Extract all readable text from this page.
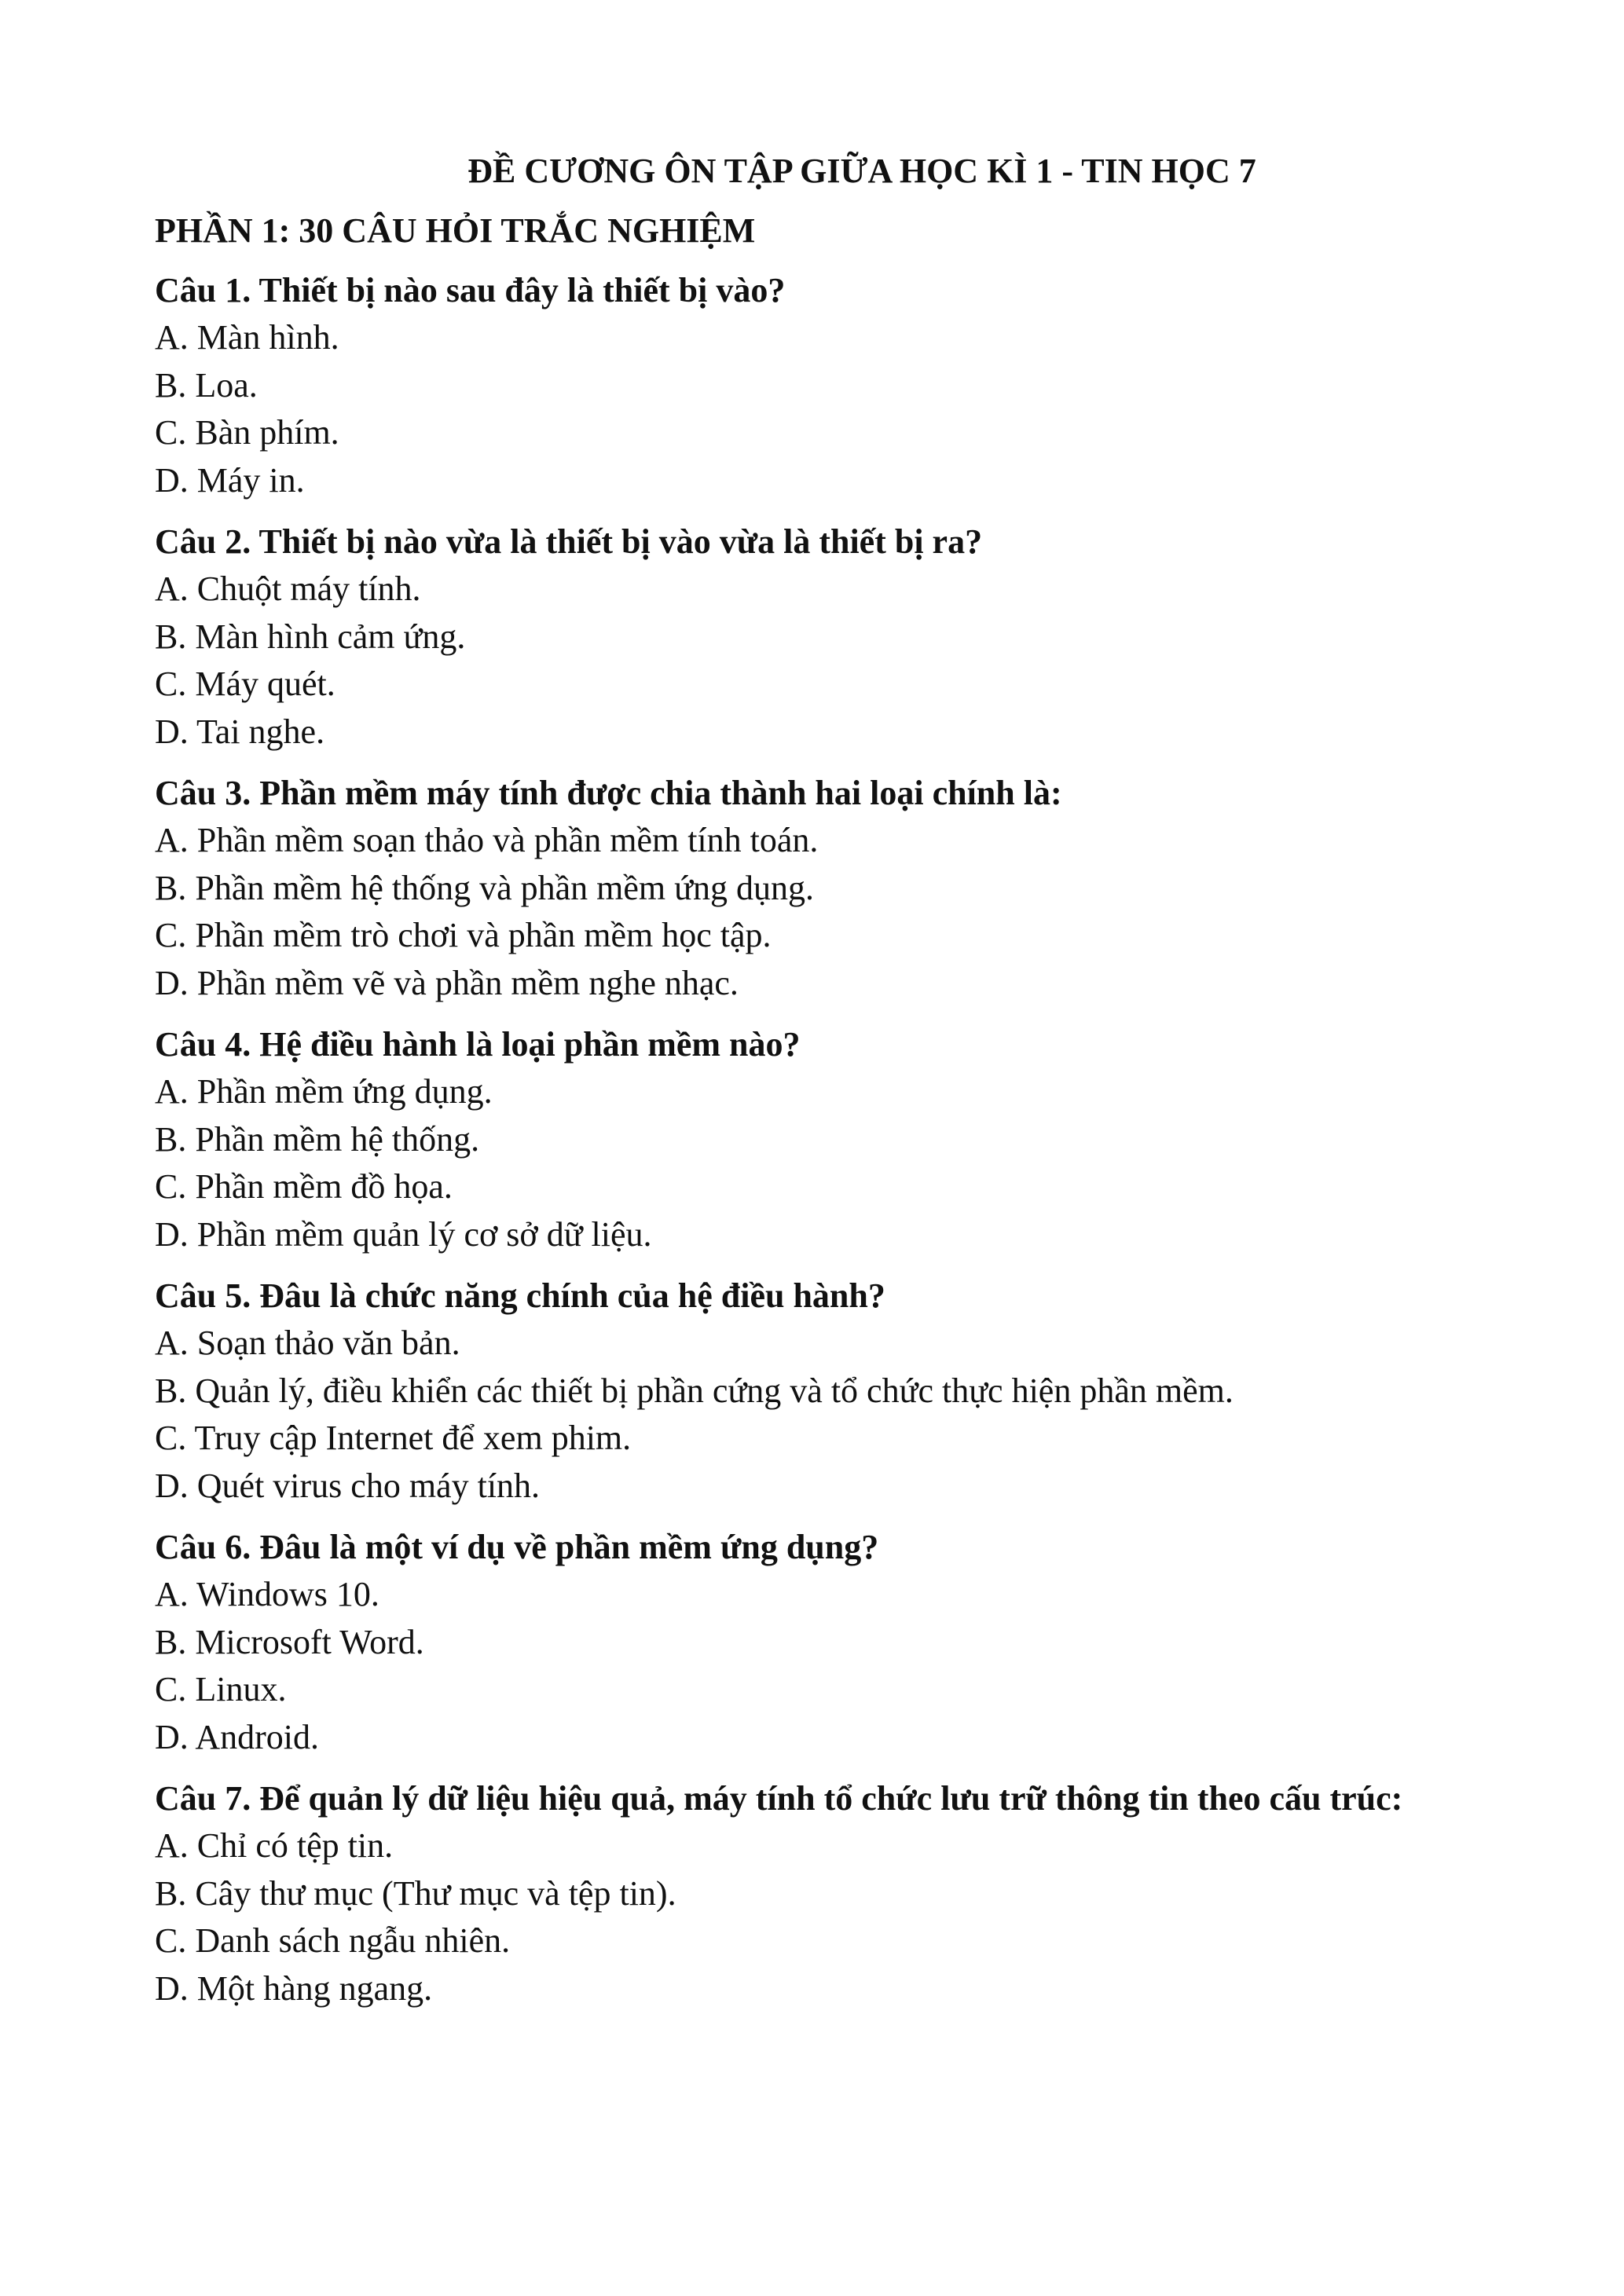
ĐỀ CƯƠNG ÔN TẬP GIỮA HỌC KÌ 1 - TIN HỌC 7
PHẦN 1: 30 CÂU HỎI TRẮC NGHIỆM

Câu 1. Thiết bị nào sau đây là thiết bị vào?

A. Màn hình.
B. Loa.
C. Bàn phím.
D. Máy in.

Câu 2. Thiết bị nào vừa là thiết bị vào vừa là thiết bị ra?

A. Chuột máy tính.
B. Màn hình cảm ứng.
C. Máy quét.
D. Tai nghe.

Câu 3. Phần mềm máy tính được chia thành hai loại chính là:

A. Phần mềm soạn thảo và phần mềm tính toán.
B. Phần mềm hệ thống và phần mềm ứng dụng.
C. Phần mềm trò chơi và phần mềm học tập.
D. Phần mềm vẽ và phần mềm nghe nhạc.

Câu 4. Hệ điều hành là loại phần mềm nào?

A. Phần mềm ứng dụng.
B. Phần mềm hệ thống.
C. Phần mềm đồ họa.
D. Phần mềm quản lý cơ sở dữ liệu.

Câu 5. Đâu là chức năng chính của hệ điều hành?

A. Soạn thảo văn bản.
B. Quản lý, điều khiển các thiết bị phần cứng và tổ chức thực hiện phần mềm.
C. Truy cập Internet để xem phim.
D. Quét virus cho máy tính.

Câu 6. Đâu là một ví dụ về phần mềm ứng dụng?

A. Windows 10.
B. Microsoft Word.
C. Linux.
D. Android.

Câu 7. Để quản lý dữ liệu hiệu quả, máy tính tổ chức lưu trữ thông tin theo cấu trúc:

A. Chỉ có tệp tin.
B. Cây thư mục (Thư mục và tệp tin).
C. Danh sách ngẫu nhiên.
D. Một hàng ngang.
